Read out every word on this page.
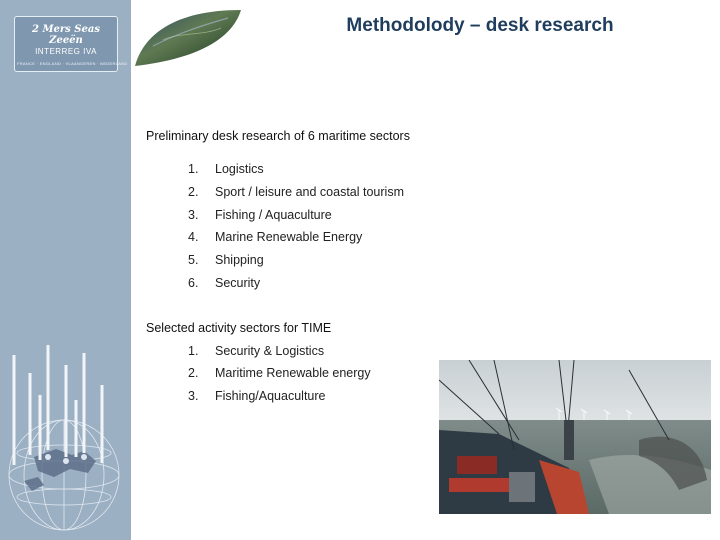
2 Mers Seas Zeeën
INTERREG IVA
FRANCE · ENGLAND · VLAANDEREN · NEDERLAND
Methodolody – desk research
Preliminary desk research of 6 maritime sectors
1. Logistics
2. Sport / leisure and coastal tourism
3. Fishing / Aquaculture
4. Marine Renewable Energy
5. Shipping
6. Security
Selected activity sectors for TIME
1. Security & Logistics
2. Maritime Renewable energy
3. Fishing/Aquaculture
